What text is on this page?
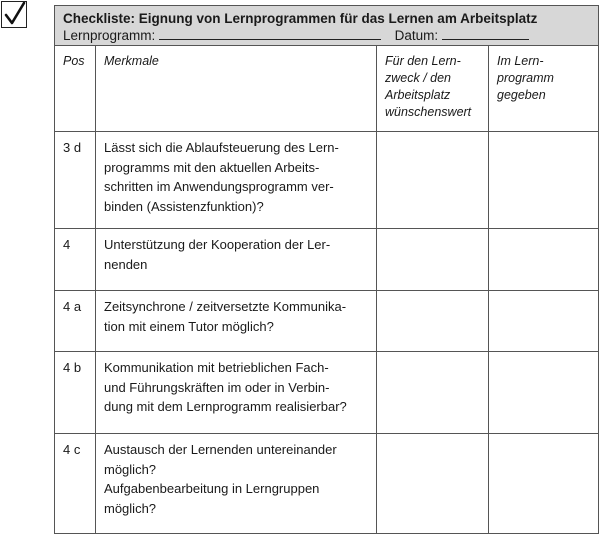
Checkliste: Eignung von Lernprogrammen für das Lernen am Arbeitsplatz
Lernprogramm: Datum:			

Pos	Merkmale	Für den Lern-
zweck / den
Arbeitsplatz
wünschenswert	Im Lern-
programm
gegeben

3 d	Lässt sich die Ablaufsteuerung des Lern-
programms mit den aktuellen Arbeits-
schritten im Anwendungsprogramm ver-
binden (Assistenzfunktion)?		

4	Unterstützung der Kooperation der Ler-
nenden		

4 a	Zeitsynchrone / zeitversetzte Kommunika-
tion mit einem Tutor möglich?		

4 b	Kommunikation mit betrieblichen Fach-
und Führungskräften im oder in Verbin-
dung mit dem Lernprogramm realisierbar?		

4 c	Austausch der Lernenden untereinander
möglich?
Aufgabenbearbeitung in Lerngruppen
möglich?		
